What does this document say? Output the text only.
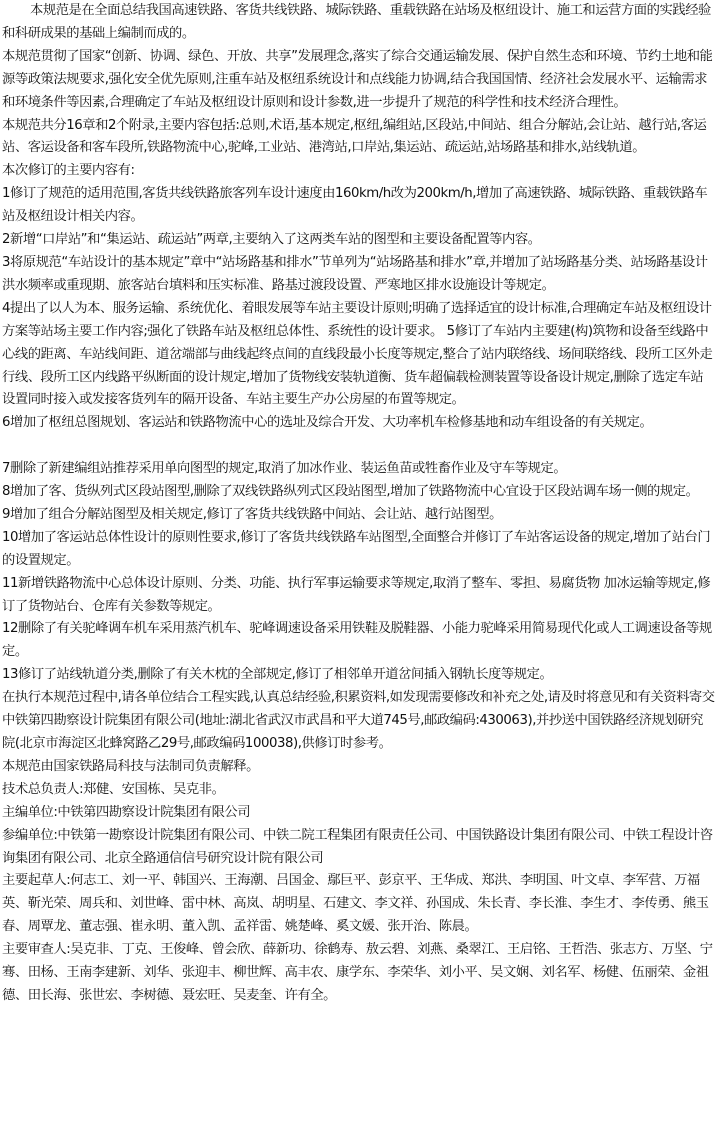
本规范是在全面总结我国高速铁路、客货共线铁路、城际铁路、重载铁路在站场及枢纽设计、施工和运营方面的实践经验和科研成果的基础上编制而成的。

本规范贯彻了国家“创新、协调、绿色、开放、共享”发展理念,落实了综合交通运输发展、保护自然生态和环境、节约土地和能源等政策法规要求,强化安全优先原则,注重车站及枢纽系统设计和点线能力协调,结合我国国情、经济社会发展水平、运输需求和环境条件等因素,合理确定了车站及枢纽设计原则和设计参数,进一步提升了规范的科学性和技术经济合理性。

本规范共分16章和2个附录,主要内容包括:总则,术语,基本规定,枢纽,编组站,区段站,中间站、组合分解站,会让站、越行站,客运站、客运设备和客车段所,铁路物流中心,驼峰,工业站、港湾站,口岸站,集运站、疏运站,站场路基和排水,站线轨道。

本次修订的主要内容有:

1修订了规范的适用范围,客货共线铁路旅客列车设计速度由160km/h改为200km/h,增加了高速铁路、城际铁路、重载铁路车站及枢纽设计相关内容。

2新增“口岸站”和“集运站、疏运站”两章,主要纳入了这两类车站的图型和主要设备配置等内容。

3将原规范“车站设计的基本规定”章中“站场路基和排水”节单列为“站场路基和排水”章,并增加了站场路基分类、站场路基设计洪水频率或重现期、旅客站台填料和压实标准、路基过渡段设置、严寒地区排水设施设计等规定。

4提出了以人为本、服务运输、系统优化、着眼发展等车站主要设计原则;明确了选择适宜的设计标准,合理确定车站及枢纽设计方案等站场主要工作内容;强化了铁路车站及枢纽总体性、系统性的设计要求。 5修订了车站内主要建(构)筑物和设备至线路中心线的距离、车站线间距、道岔端部与曲线起终点间的直线段最小长度等规定,整合了站内联络线、场间联络线、段所工区外走行线、段所工区内线路平纵断面的设计规定,增加了货物线安装轨道衡、货车超偏载检测装置等设备设计规定,删除了选定车站设置同时接入或发接客货列车的隔开设备、车站主要生产办公房屋的布置等规定。

6增加了枢纽总图规划、客运站和铁路物流中心的选址及综合开发、大功率机车检修基地和动车组设备的有关规定。

7删除了新建编组站推荐采用单向图型的规定,取消了加冰作业、装运鱼苗或牲畜作业及守车等规定。

8增加了客、货纵列式区段站图型,删除了双线铁路纵列式区段站图型,增加了铁路物流中心宜设于区段站调车场一侧的规定。

9增加了组合分解站图型及相关规定,修订了客货共线铁路中间站、会让站、越行站图型。

10增加了客运站总体性设计的原则性要求,修订了客货共线铁路车站图型,全面整合并修订了车站客运设备的规定,增加了站台门的设置规定。

11新增铁路物流中心总体设计原则、分类、功能、执行军事运输要求等规定,取消了整车、零担、易腐货物 加冰运输等规定,修订了货物站台、仓库有关参数等规定。

12删除了有关驼峰调车机车采用蒸汽机车、驼峰调速设备采用铁鞋及脱鞋器、小能力驼峰采用简易现代化或人工调速设备等规定。

13修订了站线轨道分类,删除了有关木枕的全部规定,修订了相邻单开道岔间插入钢轨长度等规定。

在执行本规范过程中,请各单位结合工程实践,认真总结经验,积累资料,如发现需要修改和补充之处,请及时将意见和有关资料寄交中铁第四勘察设计院集团有限公司(地址:湖北省武汉市武昌和平大道745号,邮政编码:430063),并抄送中国铁路经济规划研究院(北京市海淀区北蜂窝路乙29号,邮政编码100038),供修订时参考。

本规范由国家铁路局科技与法制司负责解释。

技术总负责人:郑健、安国栋、吴克非。

主编单位:中铁第四勘察设计院集团有限公司

参编单位:中铁第一勘察设计院集团有限公司、中铁二院工程集团有限责任公司、中国铁路设计集团有限公司、中铁工程设计咨询集团有限公司、北京全路通信信号研究设计院有限公司

主要起草人:何志工、刘一平、韩国兴、王海潮、吕国金、鄢巨平、彭京平、王华成、郑洪、李明国、叶文卓、李军营、万福英、靳光荣、周兵和、刘世峰、雷中林、高岚、胡明星、石建文、李文祥、孙国成、朱长青、李长淮、李生才、李传勇、熊玉春、周覃龙、董志强、崔永明、董入凯、孟祥雷、姚楚峰、奚文媛、张开治、陈晨。

主要审查人:吴克非、丁克、王俊峰、曾会欣、薛新功、徐鹤寿、敖云碧、刘燕、桑翠江、王启铭、王哲浩、张志方、万坚、宁骞、田杨、王南李建新、刘华、张迎丰、柳世辉、高丰农、康学东、李荣华、刘小平、吴文娴、刘名军、杨健、伍丽荣、金祖德、田长海、张世宏、李树德、聂宏旺、吴麦奎、许有全。
